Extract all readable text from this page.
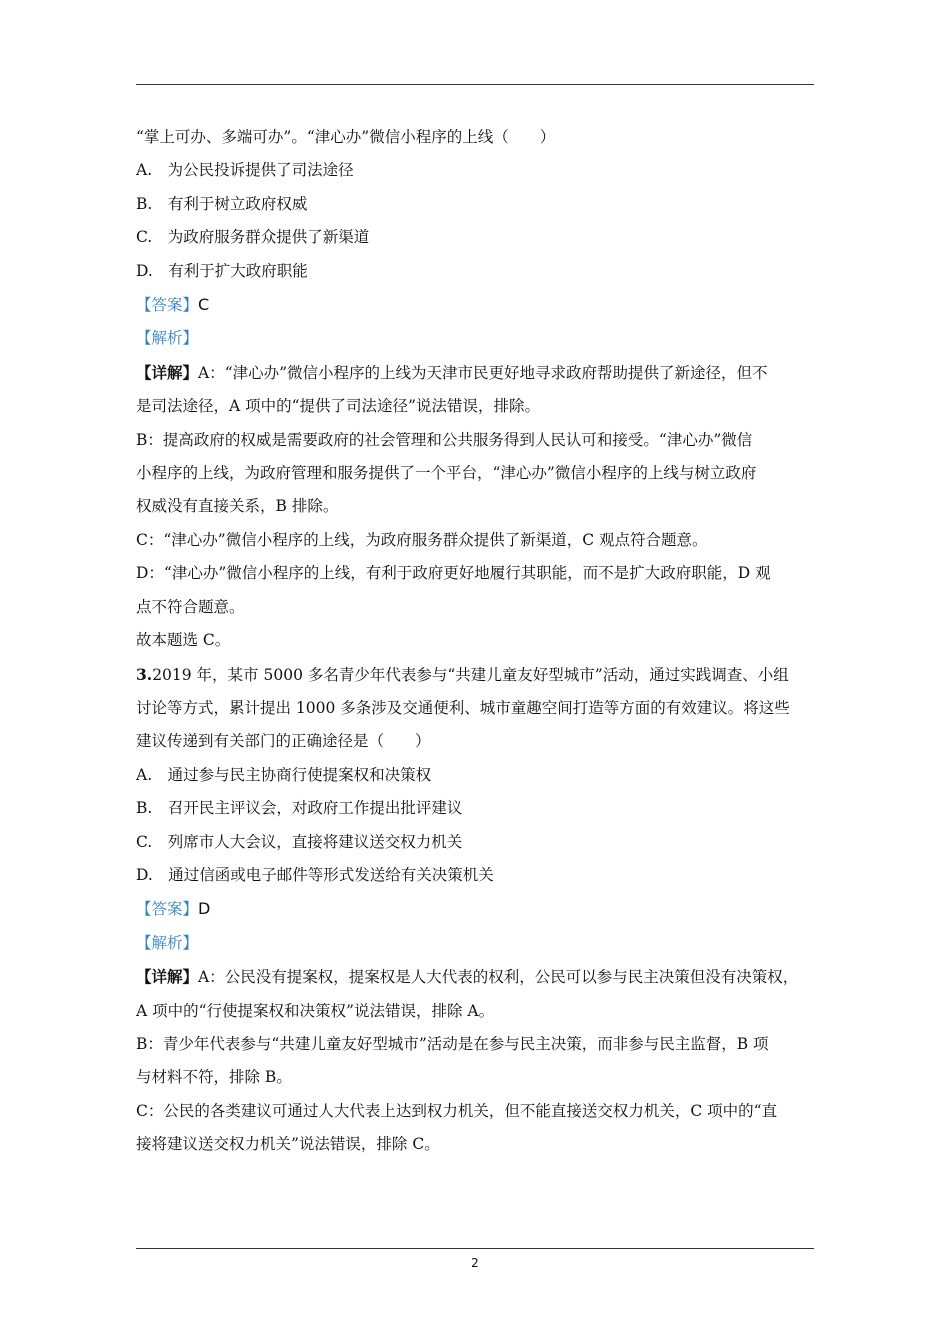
“掌上可办、多端可办”。“津心办”微信小程序的上线（　　）
A.　为公民投诉提供了司法途径
B.　有利于树立政府权威
C.　为政府服务群众提供了新渠道
D.　有利于扩大政府职能
【答案】C
【解析】
【详解】A：“津心办”微信小程序的上线为天津市民更好地寻求政府帮助提供了新途径，但不
是司法途径，A 项中的“提供了司法途径”说法错误，排除。
B：提高政府的权威是需要政府的社会管理和公共服务得到人民认可和接受。“津心办”微信
小程序的上线，为政府管理和服务提供了一个平台，“津心办”微信小程序的上线与树立政府
权威没有直接关系，B 排除。
C：“津心办”微信小程序的上线，为政府服务群众提供了新渠道，C 观点符合题意。
D：“津心办”微信小程序的上线，有利于政府更好地履行其职能，而不是扩大政府职能，D 观
点不符合题意。
故本题选 C。
3.2019 年，某市 5000 多名青少年代表参与“共建儿童友好型城市”活动，通过实践调查、小组
讨论等方式，累计提出 1000 多条涉及交通便利、城市童趣空间打造等方面的有效建议。将这些
建议传递到有关部门的正确途径是（　　）
A.　通过参与民主协商行使提案权和决策权
B.　召开民主评议会，对政府工作提出批评建议
C.　列席市人大会议，直接将建议送交权力机关
D.　通过信函或电子邮件等形式发送给有关决策机关
【答案】D
【解析】
【详解】A：公民没有提案权，提案权是人大代表的权利，公民可以参与民主决策但没有决策权，
A 项中的“行使提案权和决策权”说法错误，排除 A。
B：青少年代表参与“共建儿童友好型城市”活动是在参与民主决策，而非参与民主监督，B 项
与材料不符，排除 B。
C：公民的各类建议可通过人大代表上达到权力机关，但不能直接送交权力机关，C 项中的“直
接将建议送交权力机关”说法错误，排除 C。
2
